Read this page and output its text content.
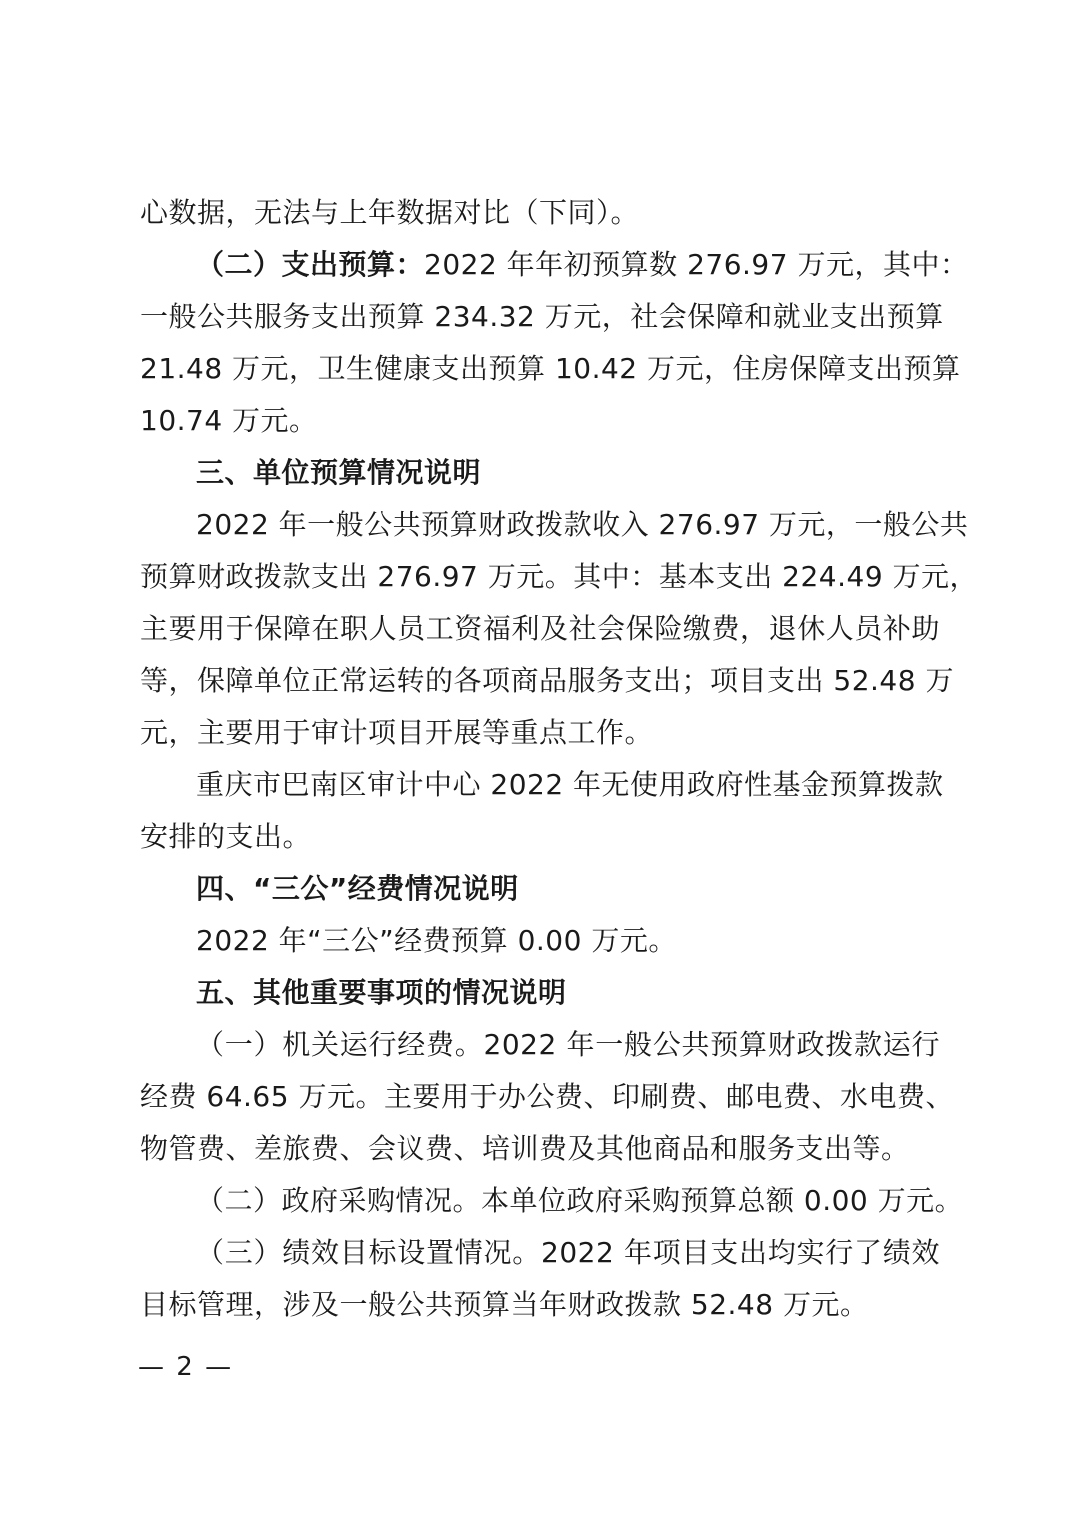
心数据，无法与上年数据对比（下同）。
（二）支出预算：2022 年年初预算数 276.97 万元，其中：
一般公共服务支出预算 234.32 万元，社会保障和就业支出预算
21.48 万元，卫生健康支出预算 10.42 万元，住房保障支出预算
10.74 万元。
三、单位预算情况说明
2022 年一般公共预算财政拨款收入 276.97 万元，一般公共
预算财政拨款支出 276.97 万元。其中：基本支出 224.49 万元，
主要用于保障在职人员工资福利及社会保险缴费，退休人员补助
等，保障单位正常运转的各项商品服务支出；项目支出 52.48 万
元，主要用于审计项目开展等重点工作。
重庆市巴南区审计中心 2022 年无使用政府性基金预算拨款
安排的支出。
四、“三公”经费情况说明
2022 年“三公”经费预算 0.00 万元。
五、其他重要事项的情况说明
（一）机关运行经费。2022 年一般公共预算财政拨款运行
经费 64.65 万元。主要用于办公费、印刷费、邮电费、水电费、
物管费、差旅费、会议费、培训费及其他商品和服务支出等。
（二）政府采购情况。本单位政府采购预算总额 0.00 万元。
（三）绩效目标设置情况。2022 年项目支出均实行了绩效
目标管理，涉及一般公共预算当年财政拨款 52.48 万元。
— 2 —
